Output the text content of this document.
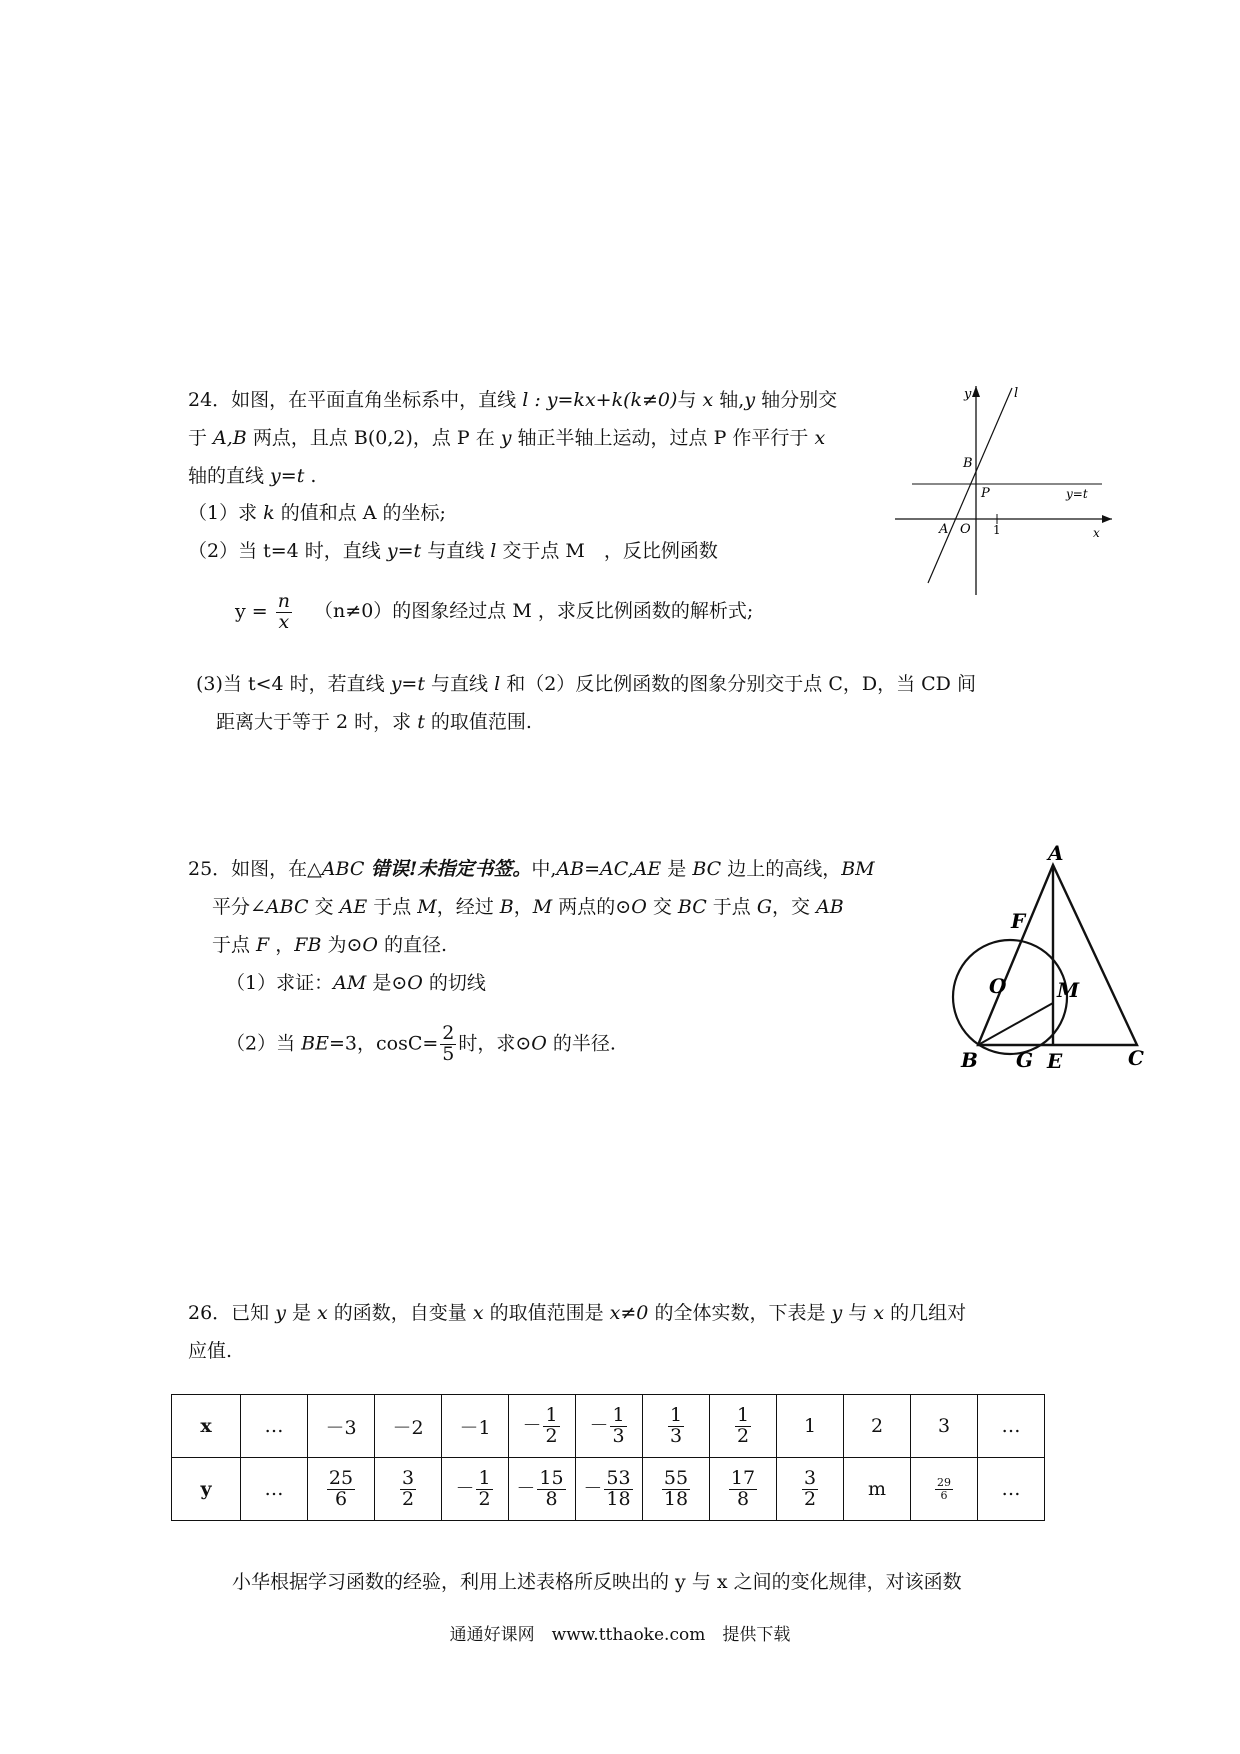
24．如图，在平面直角坐标系中，直线 l : y=kx+k(k≠0)与 x 轴,y 轴分别交
于 A,B 两点，且点 B(0,2)，点 P 在 y 轴正半轴上运动，过点 P 作平行于 x
轴的直线 y=t .
（1）求 k 的值和点 A 的坐标;
（2）当 t=4 时，直线 y=t 与直线 l 交于点 M　，反比例函数
$y = \frac{n}{x} (n\ne 0)$的图象经过点 M ，求反比例函数的解析式;
(3)当 t<4 时，若直线 y=t 与直线 l 和（2）反比例函数的图象分别交于点 C，D，当 CD 间
距离大于等于 2 时，求 t 的取值范围.
y	l
B
P	y=t
A O 1	x
25．如图，在△ABC 错误!未指定书签。中,AB=AC,AE 是 BC 边上的高线，BM
平分∠ABC 交 AE 于点 M，经过 B，M 两点的⊙O 交 BC 于点 G，交 AB
于点 F ，FB 为⊙O 的直径.
（1）求证：AM 是⊙O 的切线
（2）当 BE=3，$\cos C= \frac{2}{5}$ 时，求⊙O 的半径.
A
F
O	M
B G E	C
26．已知 y 是 x 的函数，自变量 x 的取值范围是 x≠0 的全体实数，下表是 y 与 x 的几组对
应值.
x	…	－3	－2	－1	－ $\frac{1}{2}$	－ $\frac{1}{3}$	$\frac{1}{3}$	$\frac{1}{2}$	1	2	3	…
y	…	$\frac{25}{6}$	$\frac{3}{2}$	－ $\frac{1}{2}$	－ $\frac{15}{8}$	－ $\frac{53}{18}$	$\frac{55}{18}$	$\frac{17}{8}$	$\frac{3}{2}$	m	$\frac{29}{6}$	…
小华根据学习函数的经验，利用上述表格所反映出的 y 与 x 之间的变化规律，对该函数
通通好课网　www.tthaoke.com　提供下载
